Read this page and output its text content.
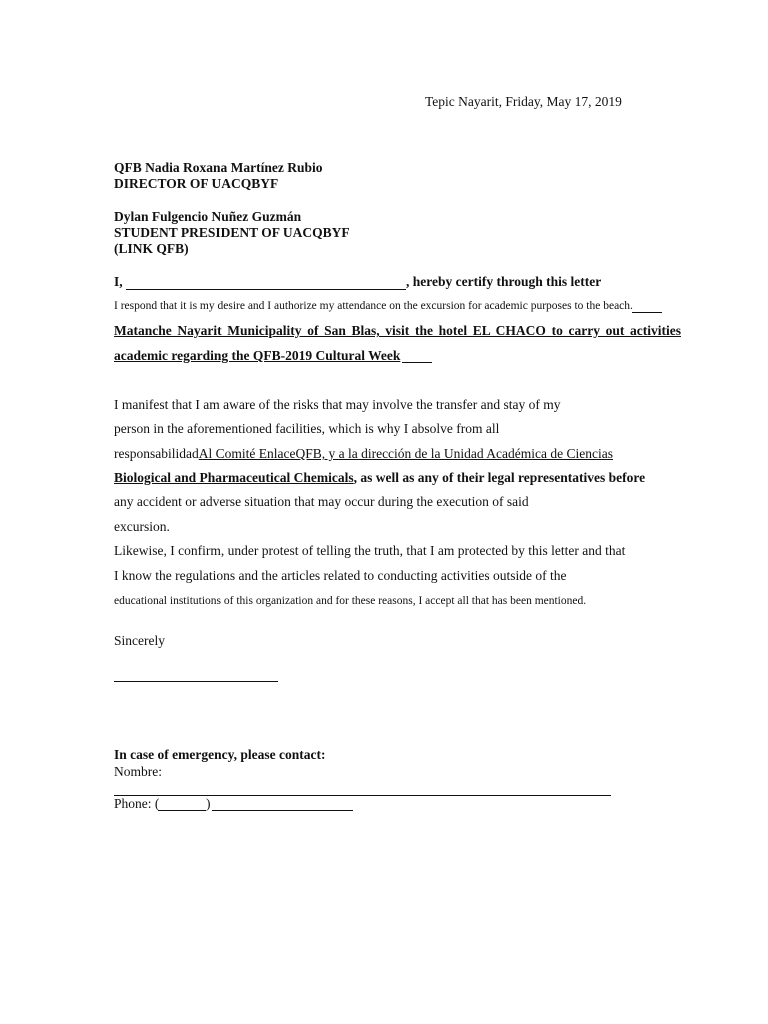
Tepic Nayarit, Friday, May 17, 2019
QFB Nadia Roxana Martínez Rubio
DIRECTOR OF UACQBYF
Dylan Fulgencio Nuñez Guzmán
STUDENT PRESIDENT OF UACQBYF
(LINK QFB)
I,	, hereby certify through this letter
I respond that it is my desire and I authorize my attendance on the excursion for academic purposes to the beach.
Matanche Nayarit Municipality of San Blas, visit the hotel EL CHACO to carry out activities
academic regarding the QFB-2019 Cultural Week
I manifest that I am aware of the risks that may involve the transfer and stay of my
person in the aforementioned facilities, which is why I absolve from all
responsabilidadAl Comité EnlaceQFB, y a la dirección de la Unidad Académica de Ciencias
Biological and Pharmaceutical Chemicals, as well as any of their legal representatives before
any accident or adverse situation that may occur during the execution of said
excursion.
Likewise, I confirm, under protest of telling the truth, that I am protected by this letter and that
I know the regulations and the articles related to conducting activities outside of the
educational institutions of this organization and for these reasons, I accept all that has been mentioned.
Sincerely
In case of emergency, please contact:
Nombre:
Phone: (	)
